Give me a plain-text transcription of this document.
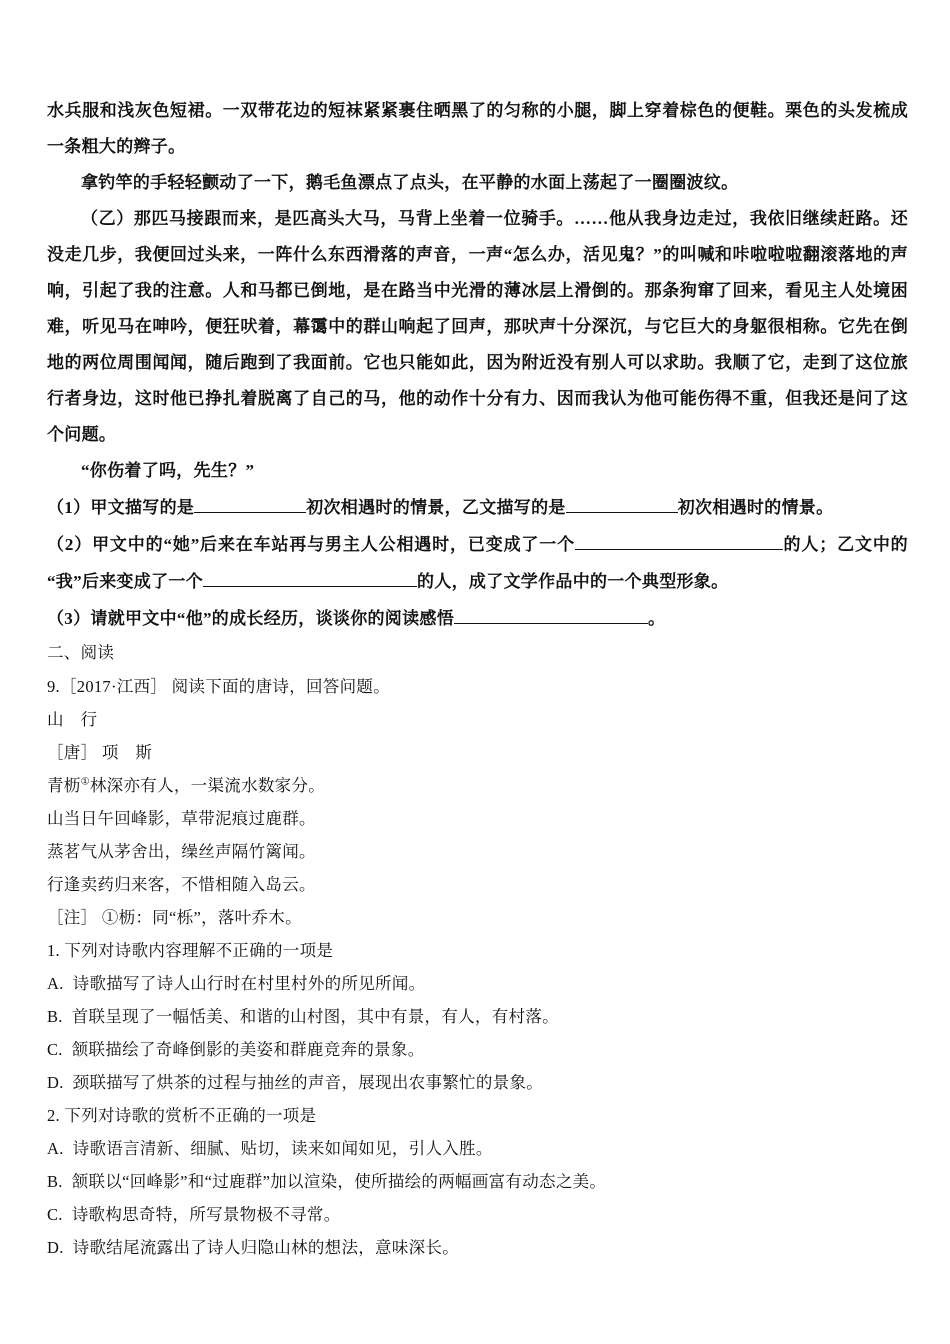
水兵服和浅灰色短裙。一双带花边的短袜紧紧裹住晒黑了的匀称的小腿，脚上穿着棕色的便鞋。栗色的头发梳成一条粗大的辫子。

拿钓竿的手轻轻颤动了一下，鹅毛鱼漂点了点头，在平静的水面上荡起了一圈圈波纹。

（乙）那匹马接跟而来，是匹高头大马，马背上坐着一位骑手。……他从我身边走过，我依旧继续赶路。还没走几步，我便回过头来，一阵什么东西滑落的声音，一声“怎么办，活见鬼？”的叫喊和咔啦啦啦翻滚落地的声响，引起了我的注意。人和马都已倒地，是在路当中光滑的薄冰层上滑倒的。那条狗窜了回来，看见主人处境困难，听见马在呻吟，便狂吠着，幕霭中的群山响起了回声，那吠声十分深沉，与它巨大的身躯很相称。它先在倒地的两位周围闻闻，随后跑到了我面前。它也只能如此，因为附近没有别人可以求助。我顺了它，走到了这位旅行者身边，这时他已挣扎着脱离了自己的马，他的动作十分有力、因而我认为他可能伤得不重，但我还是问了这个问题。

“你伤着了吗，先生？”

（1）甲文描写的是	初次相遇时的情景，乙文描写的是	初次相遇时的情景。

（2）甲文中的“她”后来在车站再与男主人公相遇时，已变成了一个	的人；乙文中的“我”后来变成了一个	的人，成了文学作品中的一个典型形象。

（3）请就甲文中“他”的成长经历，谈谈你的阅读感悟	。

二、阅读

9.［2017·江西］ 阅读下面的唐诗，回答问题。

山　行

［唐］ 项　斯

青枥①林深亦有人，一渠流水数家分。

山当日午回峰影，草带泥痕过鹿群。

蒸茗气从茅舍出，缲丝声隔竹篱闻。

行逢卖药归来客，不惜相随入岛云。

［注］ ①枥：同“栎”，落叶乔木。

1. 下列对诗歌内容理解不正确的一项是

A. 诗歌描写了诗人山行时在村里村外的所见所闻。

B. 首联呈现了一幅恬美、和谐的山村图，其中有景，有人，有村落。

C. 颔联描绘了奇峰倒影的美姿和群鹿竞奔的景象。

D. 颈联描写了烘茶的过程与抽丝的声音，展现出农事繁忙的景象。

2. 下列对诗歌的赏析不正确的一项是

A. 诗歌语言清新、细腻、贴切，读来如闻如见，引人入胜。

B. 颔联以“回峰影”和“过鹿群”加以渲染，使所描绘的两幅画富有动态之美。

C. 诗歌构思奇特，所写景物极不寻常。

D. 诗歌结尾流露出了诗人归隐山林的想法，意味深长。
